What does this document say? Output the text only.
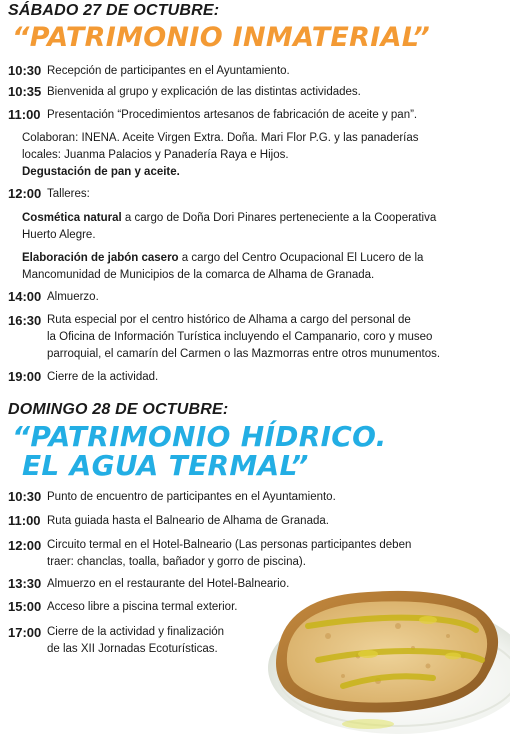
SÁBADO 27 DE OCTUBRE:
“PATRIMONIO INMATERIAL”
10:30 Recepción de participantes en el Ayuntamiento.
10:35 Bienvenida al grupo y explicación de las distintas actividades.
11:00 Presentación “Procedimientos artesanos de fabricación de aceite y pan”.
Colaboran: INENA. Aceite Virgen Extra. Doña. Mari Flor P.G. y las panaderías
locales: Juanma Palacios y Panadería Raya e Hijos.
Degustación de pan y aceite.
12:00 Talleres:
Cosmética natural a cargo de Doña Dori Pinares perteneciente a la Cooperativa
Huerto Alegre.
Elaboración de jabón casero a cargo del Centro Ocupacional El Lucero de la
Mancomunidad de Municipios de la comarca de Alhama de Granada.
14:00 Almuerzo.
16:30 Ruta especial por el centro histórico de Alhama a cargo del personal de
la Oficina de Información Turística incluyendo el Campanario, coro y museo
parroquial, el camarín del Carmen o las Mazmorras entre otros munumentos.
19:00 Cierre de la actividad.
DOMINGO 28 DE OCTUBRE:
“PATRIMONIO HÍDRICO.
EL AGUA TERMAL”
10:30 Punto de encuentro de participantes en el Ayuntamiento.
11:00 Ruta guiada hasta el Balneario de Alhama de Granada.
12:00 Circuito termal en el Hotel-Balneario (Las personas participantes deben
traer: chanclas, toalla, bañador y gorro de piscina).
13:30 Almuerzo en el restaurante del Hotel-Balneario.
15:00 Acceso libre a piscina termal exterior.
17:00 Cierre de la actividad y finalización
de las XII Jornadas Ecoturísticas.
